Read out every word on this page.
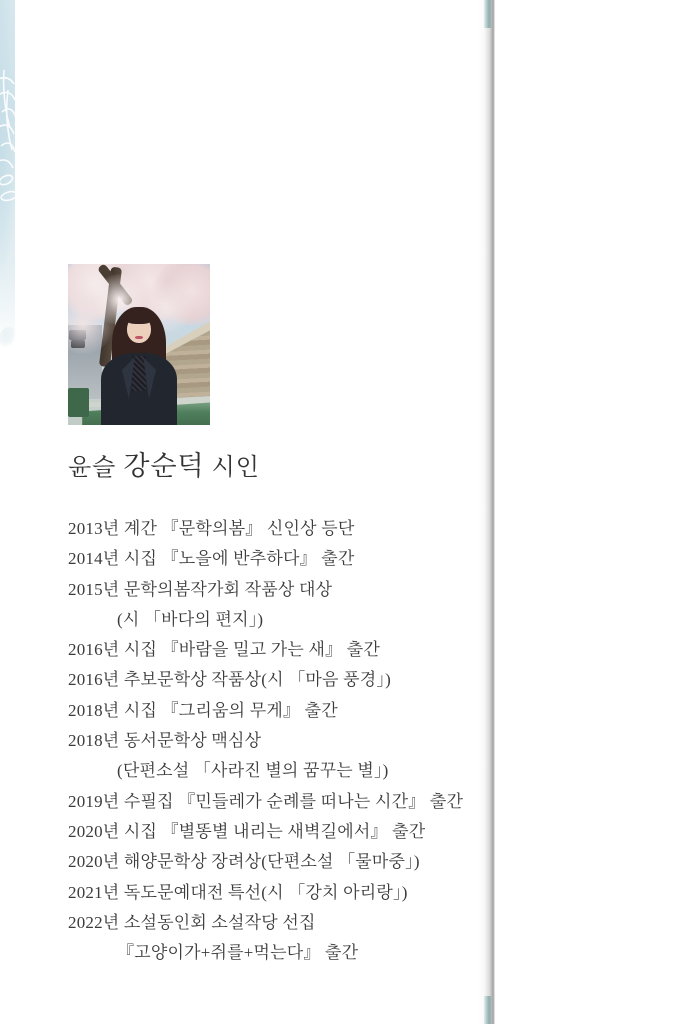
윤슬 강순덕 시인
2013년 계간 『문학의봄』 신인상 등단
2014년 시집 『노을에 반추하다』 출간
2015년 문학의봄작가회 작품상 대상
(시 「바다의 편지」)
2016년 시집 『바람을 밀고 가는 새』 출간
2016년 추보문학상 작품상(시 「마음 풍경」)
2018년 시집 『그리움의 무게』 출간
2018년 동서문학상 맥심상
(단편소설 「사라진 별의 꿈꾸는 별」)
2019년 수필집 『민들레가 순례를 떠나는 시간』 출간
2020년 시집 『별똥별 내리는 새벽길에서』 출간
2020년 해양문학상 장려상(단편소설 「물마중」)
2021년 독도문예대전 특선(시 「강치 아리랑」)
2022년 소설동인회 소설작당 선집
『고양이가+쥐를+먹는다』 출간
